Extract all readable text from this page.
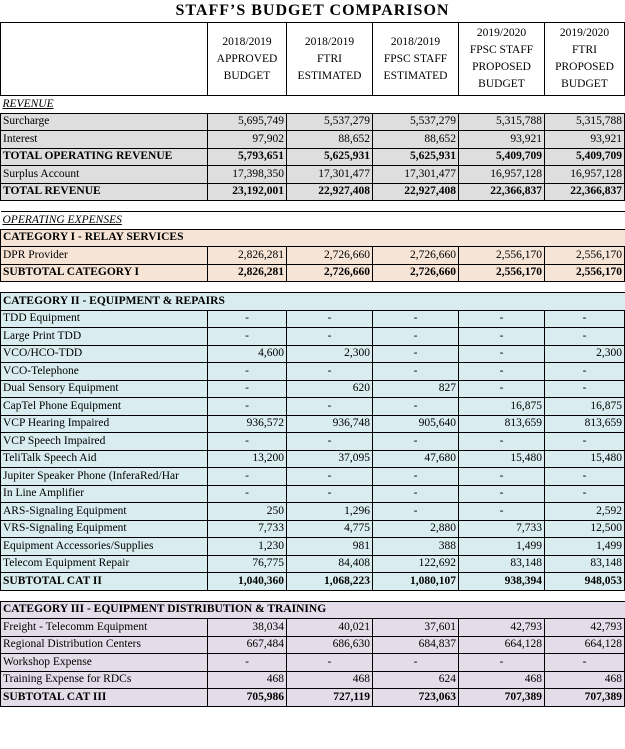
STAFF’S BUDGET COMPARISON
	2018/2019
APPROVED
BUDGET	2018/2019
FTRI
ESTIMATED	2018/2019
FPSC STAFF
ESTIMATED	2019/2020
FPSC STAFF
PROPOSED
BUDGET	2019/2020
FTRI
PROPOSED
BUDGET
REVENUE					
Surcharge	5,695,749	5,537,279	5,537,279	5,315,788	5,315,788
Interest	97,902	88,652	88,652	93,921	93,921
TOTAL OPERATING REVENUE	5,793,651	5,625,931	5,625,931	5,409,709	5,409,709
Surplus Account	17,398,350	17,301,477	17,301,477	16,957,128	16,957,128
TOTAL REVENUE	23,192,001	22,927,408	22,927,408	22,366,837	22,366,837

OPERATING EXPENSES					
CATEGORY I - RELAY SERVICES					
DPR Provider	2,826,281	2,726,660	2,726,660	2,556,170	2,556,170
SUBTOTAL CATEGORY I	2,826,281	2,726,660	2,726,660	2,556,170	2,556,170

CATEGORY II - EQUIPMENT & REPAIRS					
TDD Equipment	-	-	-	-	-
Large Print TDD	-	-	-	-	-
VCO/HCO-TDD	4,600	2,300	-	-	2,300
VCO-Telephone	-	-	-	-	-
Dual Sensory Equipment	-	620	827	-	-
CapTel Phone Equipment	-	-	-	16,875	16,875
VCP Hearing Impaired	936,572	936,748	905,640	813,659	813,659
VCP Speech Impaired	-	-	-	-	-
TeliTalk Speech Aid	13,200	37,095	47,680	15,480	15,480
Jupiter Speaker Phone (InferaRed/Har	-	-	-	-	-
In Line Amplifier	-	-	-	-	-
ARS-Signaling Equipment	250	1,296	-	-	2,592
VRS-Signaling Equipment	7,733	4,775	2,880	7,733	12,500
Equipment Accessories/Supplies	1,230	981	388	1,499	1,499
Telecom Equipment Repair	76,775	84,408	122,692	83,148	83,148
SUBTOTAL CAT II	1,040,360	1,068,223	1,080,107	938,394	948,053

CATEGORY III - EQUIPMENT DISTRIBUTION & TRAINING					
Freight - Telecomm Equipment	38,034	40,021	37,601	42,793	42,793
Regional Distribution Centers	667,484	686,630	684,837	664,128	664,128
Workshop Expense	-	-	-	-	-
Training Expense for RDCs	468	468	624	468	468
SUBTOTAL CAT III	705,986	727,119	723,063	707,389	707,389
